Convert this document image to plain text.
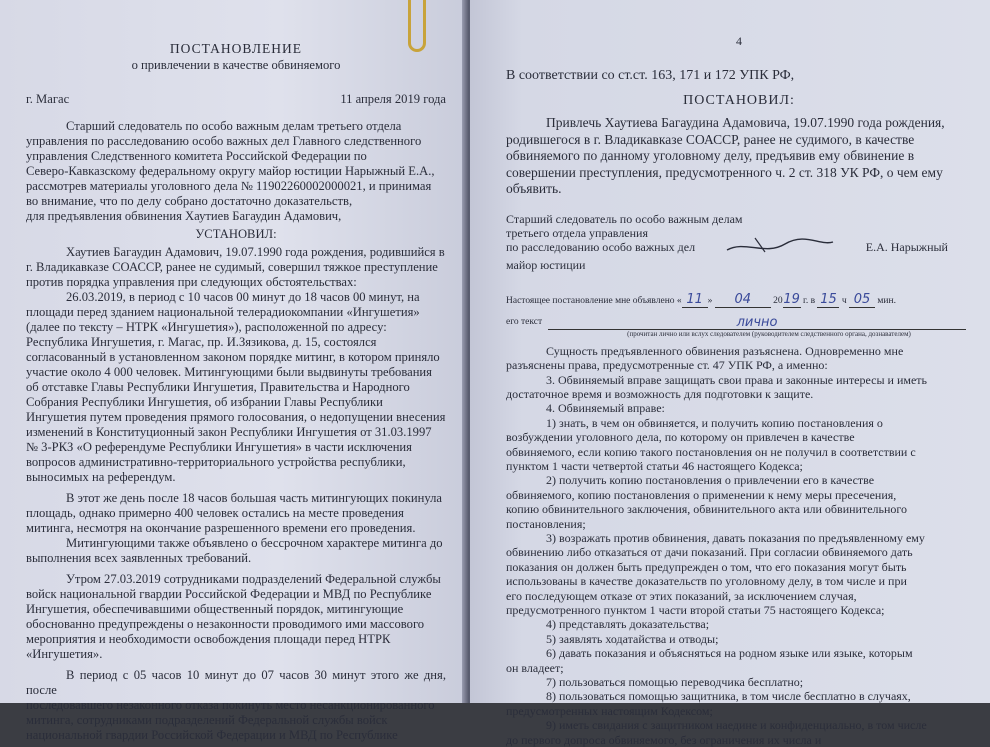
ПОСТАНОВЛЕНИЕ

о привлечении в качестве обвиняемого

г. Магас	11 апреля 2019 года

Старший следователь по особо важным делам третьего отдела

управления по расследованию особо важных дел Главного следственного

управления Следственного комитета Российской Федерации по

Северо-Кавказскому федеральному округу майор юстиции Нарыжный Е.А.,

рассмотрев материалы уголовного дела № 11902260002000021, и принимая

во внимание, что по делу собрано достаточно доказательств,

для предъявления обвинения Хаутиев Багаудин Адамович,

УСТАНОВИЛ:

Хаутиев Багаудин Адамович, 19.07.1990 года рождения, родившийся в

г. Владикавказе СОАССР, ранее не судимый, совершил тяжкое преступление

против порядка управления при следующих обстоятельствах:

26.03.2019, в период с 10 часов 00 минут до 18 часов 00 минут, на

площади перед зданием национальной телерадиокомпании «Ингушетия»

(далее по тексту – НТРК «Ингушетия»), расположенной по адресу:

Республика Ингушетия, г. Магас, пр. И.Зязикова, д. 15, состоялся

согласованный в установленном законом порядке митинг, в котором приняло

участие около 4 000 человек. Митингующими были выдвинуты требования

об отставке Главы Республики Ингушетия, Правительства и Народного

Собрания Республики Ингушетия, об избрании Главы Республики

Ингушетия путем проведения прямого голосования, о недопущении внесения

изменений в Конституционный закон Республики Ингушетия от 31.03.1997

№ 3-РКЗ «О референдуме Республики Ингушетия» в части исключения

вопросов административно-территориального устройства республики,

выносимых на референдум.

В этот же день после 18 часов большая часть митингующих покинула

площадь, однако примерно 400 человек остались на месте проведения

митинга, несмотря на окончание разрешенного времени его проведения.

Митингующими также объявлено о бессрочном характере митинга до

выполнения всех заявленных требований.

Утром 27.03.2019 сотрудниками подразделений Федеральной службы

войск национальной гвардии Российской Федерации и МВД по Республике

Ингушетия, обеспечивавшими общественный порядок, митингующие

обоснованно предупреждены о незаконности проводимого ими массового

мероприятия и необходимости освобождения площади перед НТРК

«Ингушетия».

В период с 05 часов 10 минут до 07 часов 30 минут этого же дня, после

последовавшего незаконного отказа покинуть место несанкционированного

митинга, сотрудниками подразделений Федеральной службы войск

национальной гвардии Российской Федерации и МВД по Республике

4

В соответствии со ст.ст. 163, 171 и 172 УПК РФ,

ПОСТАНОВИЛ:

Привлечь Хаутиева Багаудина Адамовича, 19.07.1990 года рождения,

родившегося в г. Владикавказе СОАССР, ранее не судимого, в качестве

обвиняемого по данному уголовному делу, предъявив ему обвинение в

совершении преступления, предусмотренного ч. 2 ст. 318 УК РФ, о чем ему

объявить.

Старший следователь по особо важным делам

третьего отдела управления

по расследованию особо важных дел	Е.А. Нарыжный

майор юстиции

Настоящее постановление мне объявлено « 11 » 04 2019 г. в 15 ч 05 мин.
его текст	лично

(прочитан лично или вслух следователем (руководителем следственного органа, дознавателем)

Сущность предъявленного обвинения разъяснена. Одновременно мне

разъяснены права, предусмотренные ст. 47 УПК РФ, а именно:

3. Обвиняемый вправе защищать свои права и законные интересы и иметь

достаточное время и возможность для подготовки к защите.

4. Обвиняемый вправе:

1) знать, в чем он обвиняется, и получить копию постановления о

возбуждении уголовного дела, по которому он привлечен в качестве

обвиняемого, если копию такого постановления он не получил в соответствии с

пунктом 1 части четвертой статьи 46 настоящего Кодекса;

2) получить копию постановления о привлечении его в качестве

обвиняемого, копию постановления о применении к нему меры пресечения,

копию обвинительного заключения, обвинительного акта или обвинительного

постановления;

3) возражать против обвинения, давать показания по предъявленному ему

обвинению либо отказаться от дачи показаний. При согласии обвиняемого дать

показания он должен быть предупрежден о том, что его показания могут быть

использованы в качестве доказательств по уголовному делу, в том числе и при

его последующем отказе от этих показаний, за исключением случая,

предусмотренного пунктом 1 части второй статьи 75 настоящего Кодекса;

4) представлять доказательства;

5) заявлять ходатайства и отводы;

6) давать показания и объясняться на родном языке или языке, которым

он владеет;

7) пользоваться помощью переводчика бесплатно;

8) пользоваться помощью защитника, в том числе бесплатно в случаях,

предусмотренных настоящим Кодексом;

9) иметь свидания с защитником наедине и конфиденциально, в том числе

до первого допроса обвиняемого, без ограничения их числа и
